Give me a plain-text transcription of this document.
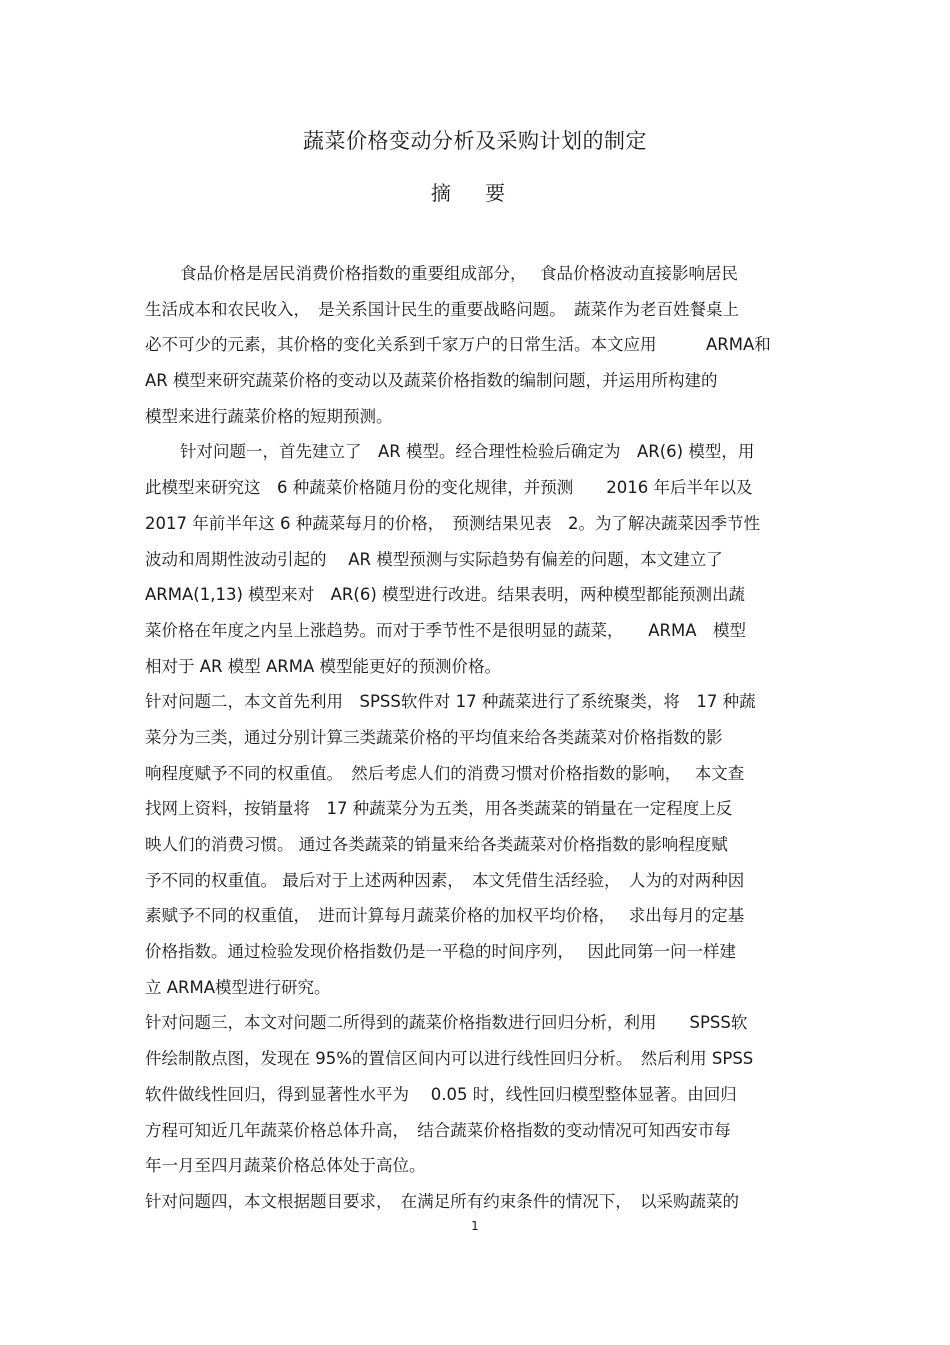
蔬菜价格变动分析及采购计划的制定
摘 要
食品价格是居民消费价格指数的重要组成部分，　 食品价格波动直接影响居民
生活成本和农民收入，　是关系国计民生的重要战略问题。　蔬菜作为老百姓餐桌上
必不可少的元素，其价格的变化关系到千家万户的日常生活。本文应用　　　ARMA和
AR 模型来研究蔬菜价格的变动以及蔬菜价格指数的编制问题，并运用所构建的
模型来进行蔬菜价格的短期预测。
针对问题一，首先建立了　AR 模型。经合理性检验后确定为　AR(6) 模型，用
此模型来研究这　6 种蔬菜价格随月份的变化规律，并预测　　2016 年后半年以及
2017 年前半年这 6 种蔬菜每月的价格，　预测结果见表　2。为了解决蔬菜因季节性
波动和周期性波动引起的　 AR 模型预测与实际趋势有偏差的问题，本文建立了
ARMA(1,13) 模型来对　AR(6) 模型进行改进。结果表明，两种模型都能预测出蔬
菜价格在年度之内呈上涨趋势。而对于季节性不是很明显的蔬菜，　　ARMA　模型
相对于 AR 模型 ARMA 模型能更好的预测价格。
针对问题二，本文首先利用　SPSS软件对 17 种蔬菜进行了系统聚类，将　17 种蔬
菜分为三类，通过分别计算三类蔬菜价格的平均值来给各类蔬菜对价格指数的影
响程度赋予不同的权重值。　然后考虑人们的消费习惯对价格指数的影响，　 本文查
找网上资料，按销量将　17 种蔬菜分为五类，用各类蔬菜的销量在一定程度上反
映人们的消费习惯。 通过各类蔬菜的销量来给各类蔬菜对价格指数的影响程度赋
予不同的权重值。 最后对于上述两种因素，　本文凭借生活经验，　人为的对两种因
素赋予不同的权重值，　进而计算每月蔬菜价格的加权平均价格，　 求出每月的定基
价格指数。通过检验发现价格指数仍是一平稳的时间序列，　 因此同第一问一样建
立 ARMA模型进行研究。
针对问题三，本文对问题二所得到的蔬菜价格指数进行回归分析，利用　　SPSS软
件绘制散点图，发现在 95%的置信区间内可以进行线性回归分析。　然后利用 SPSS
软件做线性回归，得到显著性水平为　 0.05 时，线性回归模型整体显著。由回归
方程可知近几年蔬菜价格总体升高，　结合蔬菜价格指数的变动情况可知西安市每
年一月至四月蔬菜价格总体处于高位。
针对问题四，本文根据题目要求，　在满足所有约束条件的情况下，　以采购蔬菜的
1
